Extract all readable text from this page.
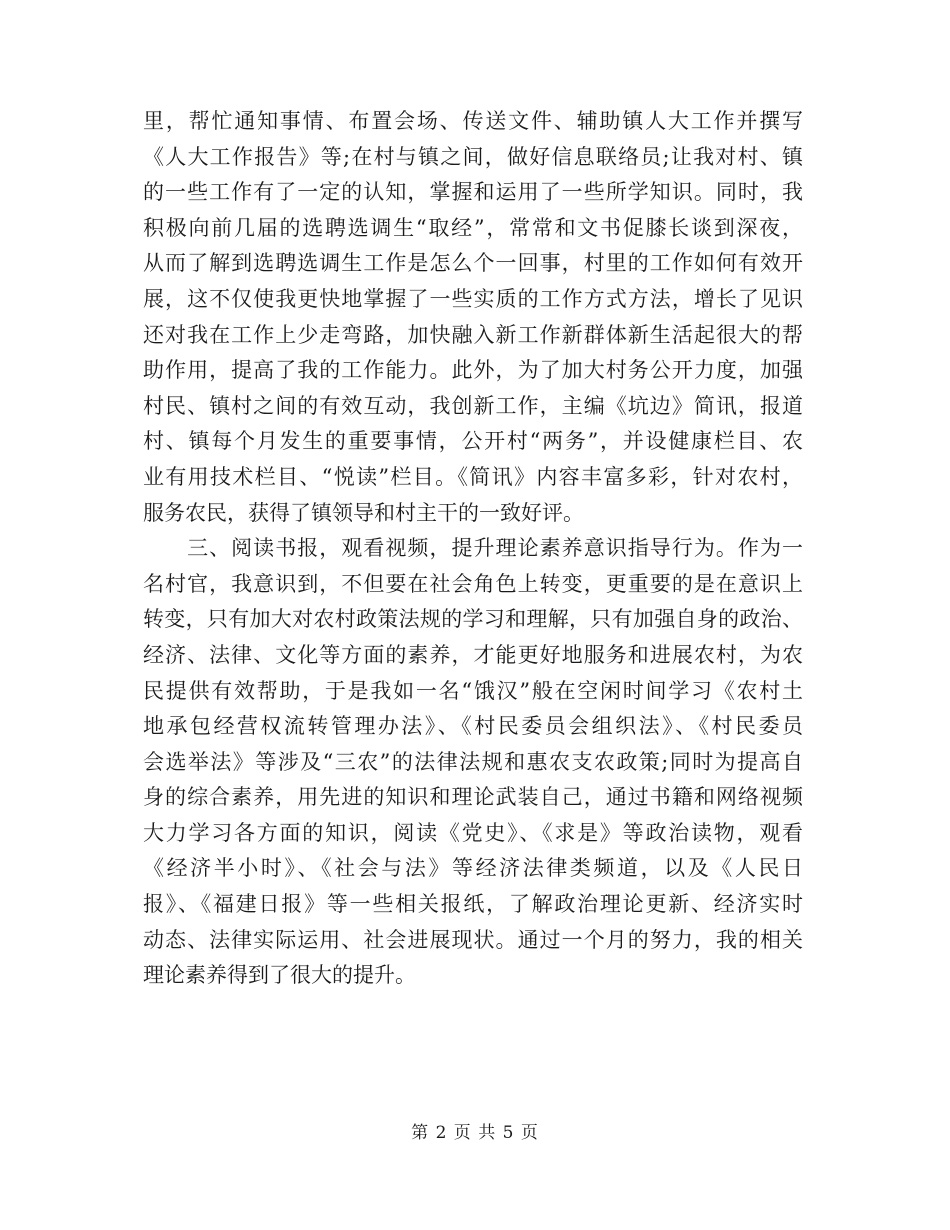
里，帮忙通知事情、布置会场、传送文件、辅助镇人大工作并撰写
《人大工作报告》等;在村与镇之间，做好信息联络员;让我对村、镇
的一些工作有了一定的认知，掌握和运用了一些所学知识。同时，我
积极向前几届的选聘选调生“取经”，常常和文书促膝长谈到深夜，
从而了解到选聘选调生工作是怎么个一回事，村里的工作如何有效开
展，这不仅使我更快地掌握了一些实质的工作方式方法，增长了见识
还对我在工作上少走弯路，加快融入新工作新群体新生活起很大的帮
助作用，提高了我的工作能力。此外，为了加大村务公开力度，加强
村民、镇村之间的有效互动，我创新工作，主编《坑边》简讯，报道
村、镇每个月发生的重要事情，公开村“两务”，并设健康栏目、农
业有用技术栏目、“悦读”栏目。《简讯》内容丰富多彩，针对农村，
服务农民，获得了镇领导和村主干的一致好评。
　　三、阅读书报，观看视频，提升理论素养意识指导行为。作为一
名村官，我意识到，不但要在社会角色上转变，更重要的是在意识上
转变，只有加大对农村政策法规的学习和理解，只有加强自身的政治、
经济、法律、文化等方面的素养，才能更好地服务和进展农村，为农
民提供有效帮助，于是我如一名“饿汉”般在空闲时间学习《农村土
地承包经营权流转管理办法》、《村民委员会组织法》、《村民委员
会选举法》等涉及“三农”的法律法规和惠农支农政策;同时为提高自
身的综合素养，用先进的知识和理论武装自己，通过书籍和网络视频
大力学习各方面的知识，阅读《党史》、《求是》等政治读物，观看
《经济半小时》、《社会与法》等经济法律类频道，以及《人民日
报》、《福建日报》等一些相关报纸，了解政治理论更新、经济实时
动态、法律实际运用、社会进展现状。通过一个月的努力，我的相关
理论素养得到了很大的提升。
第 2 页 共 5 页
